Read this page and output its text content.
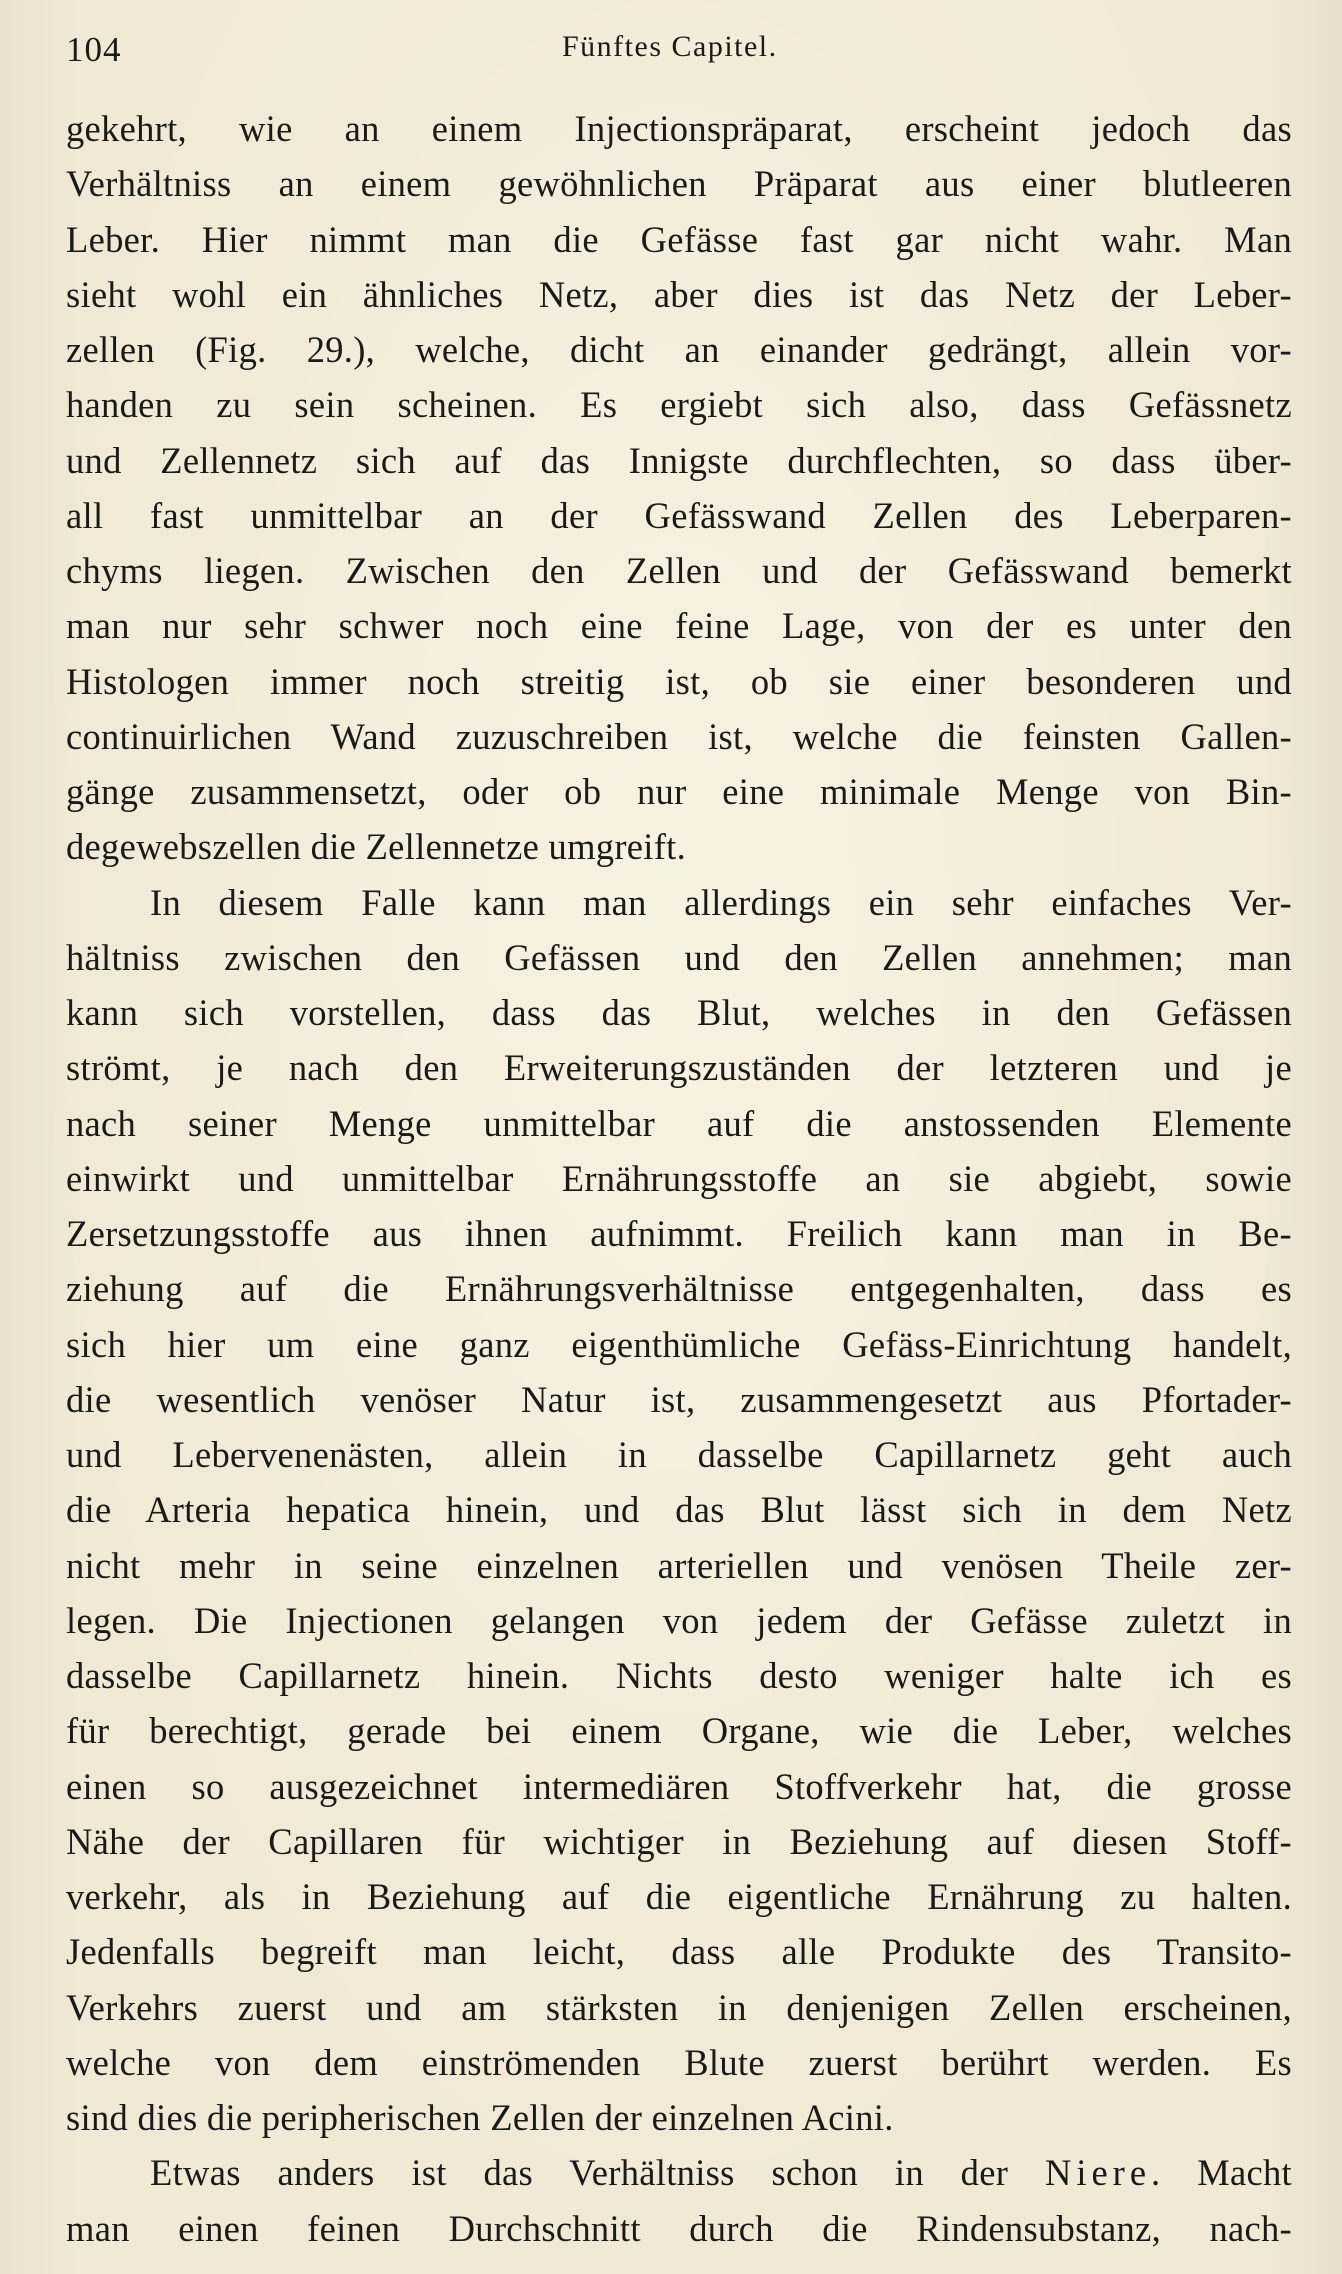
104	Fünftes Capitel.
gekehrt, wie an einem Injectionspräparat, erscheint jedoch das
Verhältniss an einem gewöhnlichen Präparat aus einer blutleeren
Leber. Hier nimmt man die Gefässe fast gar nicht wahr. Man
sieht wohl ein ähnliches Netz, aber dies ist das Netz der Leber-
zellen (Fig. 29.), welche, dicht an einander gedrängt, allein vor-
handen zu sein scheinen. Es ergiebt sich also, dass Gefässnetz
und Zellennetz sich auf das Innigste durchflechten, so dass über-
all fast unmittelbar an der Gefässwand Zellen des Leberparen-
chyms liegen. Zwischen den Zellen und der Gefässwand bemerkt
man nur sehr schwer noch eine feine Lage, von der es unter den
Histologen immer noch streitig ist, ob sie einer besonderen und
continuirlichen Wand zuzuschreiben ist, welche die feinsten Gallen-
gänge zusammensetzt, oder ob nur eine minimale Menge von Bin-
degewebszellen die Zellennetze umgreift.
In diesem Falle kann man allerdings ein sehr einfaches Ver-
hältniss zwischen den Gefässen und den Zellen annehmen; man
kann sich vorstellen, dass das Blut, welches in den Gefässen
strömt, je nach den Erweiterungszuständen der letzteren und je
nach seiner Menge unmittelbar auf die anstossenden Elemente
einwirkt und unmittelbar Ernährungsstoffe an sie abgiebt, sowie
Zersetzungsstoffe aus ihnen aufnimmt. Freilich kann man in Be-
ziehung auf die Ernährungsverhältnisse entgegenhalten, dass es
sich hier um eine ganz eigenthümliche Gefäss-Einrichtung handelt,
die wesentlich venöser Natur ist, zusammengesetzt aus Pfortader-
und Lebervenenästen, allein in dasselbe Capillarnetz geht auch
die Arteria hepatica hinein, und das Blut lässt sich in dem Netz
nicht mehr in seine einzelnen arteriellen und venösen Theile zer-
legen. Die Injectionen gelangen von jedem der Gefässe zuletzt in
dasselbe Capillarnetz hinein. Nichts desto weniger halte ich es
für berechtigt, gerade bei einem Organe, wie die Leber, welches
einen so ausgezeichnet intermediären Stoffverkehr hat, die grosse
Nähe der Capillaren für wichtiger in Beziehung auf diesen Stoff-
verkehr, als in Beziehung auf die eigentliche Ernährung zu halten.
Jedenfalls begreift man leicht, dass alle Produkte des Transito-
Verkehrs zuerst und am stärksten in denjenigen Zellen erscheinen,
welche von dem einströmenden Blute zuerst berührt werden. Es
sind dies die peripherischen Zellen der einzelnen Acini.
Etwas anders ist das Verhältniss schon in der Niere. Macht
man einen feinen Durchschnitt durch die Rindensubstanz, nach-
